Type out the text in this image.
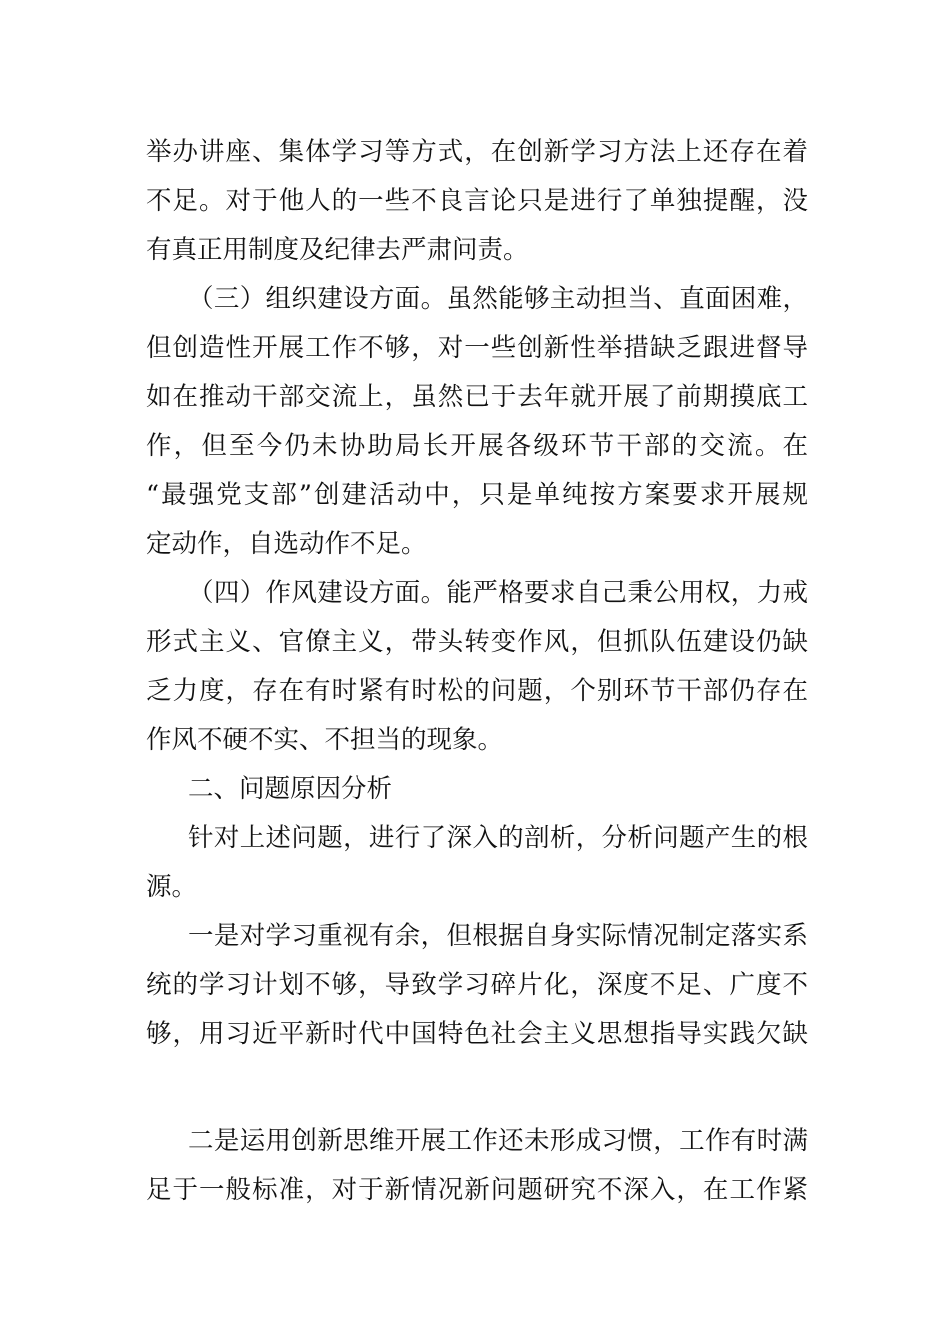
举办讲座、集体学习等方式，在创新学习方法上还存在着
不足。对于他人的一些不良言论只是进行了单独提醒，没
有真正用制度及纪律去严肃问责。
（三）组织建设方面。虽然能够主动担当、直面困难，
但创造性开展工作不够，对一些创新性举措缺乏跟进督导
如在推动干部交流上，虽然已于去年就开展了前期摸底工
作，但至今仍未协助局长开展各级环节干部的交流。在
“最强党支部”创建活动中，只是单纯按方案要求开展规
定动作，自选动作不足。
（四）作风建设方面。能严格要求自己秉公用权，力戒
形式主义、官僚主义，带头转变作风，但抓队伍建设仍缺
乏力度，存在有时紧有时松的问题，个别环节干部仍存在
作风不硬不实、不担当的现象。
二、问题原因分析
针对上述问题，进行了深入的剖析，分析问题产生的根
源。
一是对学习重视有余，但根据自身实际情况制定落实系
统的学习计划不够，导致学习碎片化，深度不足、广度不
够，用习近平新时代中国特色社会主义思想指导实践欠缺
二是运用创新思维开展工作还未形成习惯，工作有时满
足于一般标准，对于新情况新问题研究不深入，在工作紧
